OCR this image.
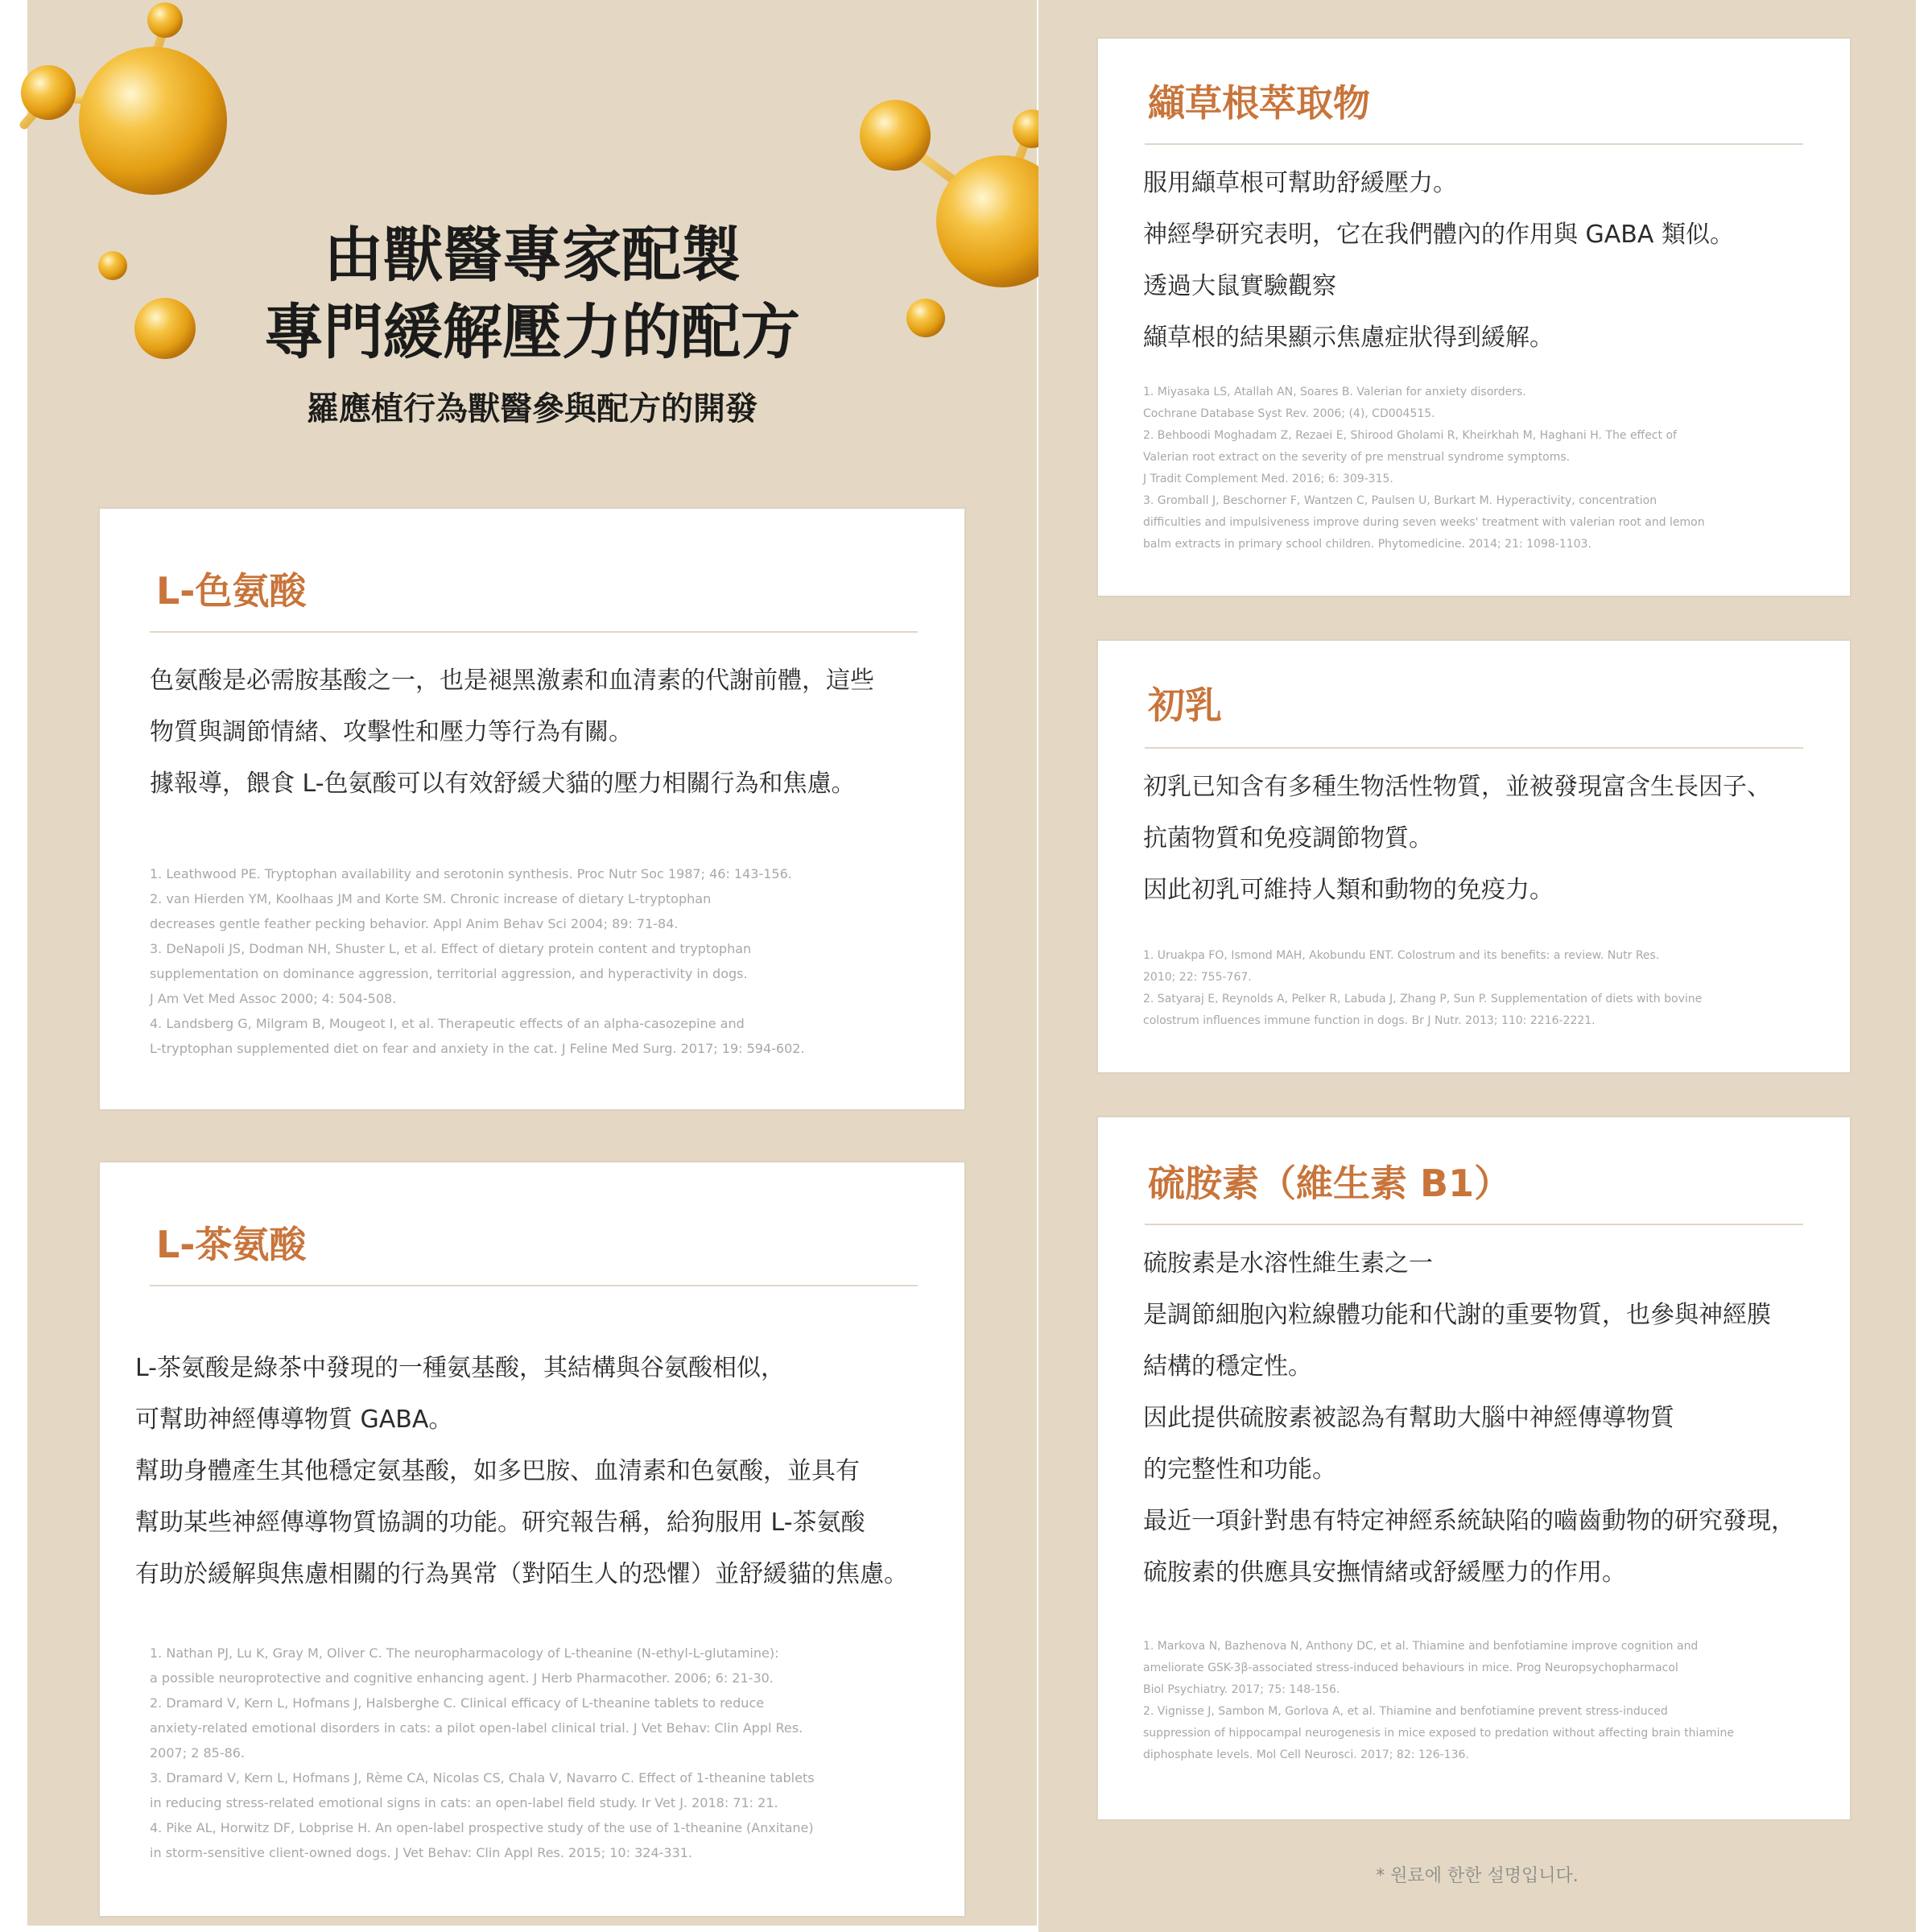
由獸醫專家配製
專門緩解壓力的配方
羅應植行為獸醫參與配方的開發
L-色氨酸
色氨酸是必需胺基酸之一，也是褪黑激素和血清素的代謝前體，這些
物質與調節情緒、攻擊性和壓力等行為有關。
據報導，餵食 L-色氨酸可以有效舒緩犬貓的壓力相關行為和焦慮。
1. Leathwood PE. Tryptophan availability and serotonin synthesis. Proc Nutr Soc 1987; 46: 143-156.
2. van Hierden YM, Koolhaas JM and Korte SM. Chronic increase of dietary L-tryptophan
decreases gentle feather pecking behavior. Appl Anim Behav Sci 2004; 89: 71-84.
3. DeNapoli JS, Dodman NH, Shuster L, et al. Effect of dietary protein content and tryptophan
supplementation on dominance aggression, territorial aggression, and hyperactivity in dogs.
J Am Vet Med Assoc 2000; 4: 504-508.
4. Landsberg G, Milgram B, Mougeot I, et al. Therapeutic effects of an alpha-casozepine and
L-tryptophan supplemented diet on fear and anxiety in the cat. J Feline Med Surg. 2017; 19: 594-602.
L-茶氨酸
L-茶氨酸是綠茶中發現的一種氨基酸，其結構與谷氨酸相似，
可幫助神經傳導物質 GABA。
幫助身體產生其他穩定氨基酸，如多巴胺、血清素和色氨酸，並具有
幫助某些神經傳導物質協調的功能。研究報告稱，給狗服用 L-茶氨酸
有助於緩解與焦慮相關的行為異常（對陌生人的恐懼）並舒緩貓的焦慮。
1. Nathan PJ, Lu K, Gray M, Oliver C. The neuropharmacology of L-theanine (N-ethyl-L-glutamine):
a possible neuroprotective and cognitive enhancing agent. J Herb Pharmacother. 2006; 6: 21-30.
2. Dramard V, Kern L, Hofmans J, Halsberghe C. Clinical efficacy of L-theanine tablets to reduce
anxiety-related emotional disorders in cats: a pilot open-label clinical trial. J Vet Behav: Clin Appl Res.
2007; 2 85-86.
3. Dramard V, Kern L, Hofmans J, Rème CA, Nicolas CS, Chala V, Navarro C. Effect of 1-theanine tablets
in reducing stress-related emotional signs in cats: an open-label field study. Ir Vet J. 2018: 71: 21.
4. Pike AL, Horwitz DF, Lobprise H. An open-label prospective study of the use of 1-theanine (Anxitane)
in storm-sensitive client-owned dogs. J Vet Behav: Clin Appl Res. 2015; 10: 324-331.
纈草根萃取物
服用纈草根可幫助舒緩壓力。
神經學研究表明，它在我們體內的作用與 GABA 類似。
透過大鼠實驗觀察
纈草根的結果顯示焦慮症狀得到緩解。
1. Miyasaka LS, Atallah AN, Soares B. Valerian for anxiety disorders.
Cochrane Database Syst Rev. 2006; (4), CD004515.
2. Behboodi Moghadam Z, Rezaei E, Shirood Gholami R, Kheirkhah M, Haghani H. The effect of
Valerian root extract on the severity of pre menstrual syndrome symptoms.
J Tradit Complement Med. 2016; 6: 309-315.
3. Gromball J, Beschorner F, Wantzen C, Paulsen U, Burkart M. Hyperactivity, concentration
difficulties and impulsiveness improve during seven weeks' treatment with valerian root and lemon
balm extracts in primary school children. Phytomedicine. 2014; 21: 1098-1103.
初乳
初乳已知含有多種生物活性物質，並被發現富含生長因子、
抗菌物質和免疫調節物質。
因此初乳可維持人類和動物的免疫力。
1. Uruakpa FO, Ismond MAH, Akobundu ENT. Colostrum and its benefits: a review. Nutr Res.
2010; 22: 755-767.
2. Satyaraj E, Reynolds A, Pelker R, Labuda J, Zhang P, Sun P. Supplementation of diets with bovine
colostrum influences immune function in dogs. Br J Nutr. 2013; 110: 2216-2221.
硫胺素（維生素 B1）
硫胺素是水溶性維生素之一
是調節細胞內粒線體功能和代謝的重要物質，也參與神經膜
結構的穩定性。
因此提供硫胺素被認為有幫助大腦中神經傳導物質
的完整性和功能。
最近一項針對患有特定神經系統缺陷的嚙齒動物的研究發現，
硫胺素的供應具安撫情緒或舒緩壓力的作用。
1. Markova N, Bazhenova N, Anthony DC, et al. Thiamine and benfotiamine improve cognition and
ameliorate GSK-3β-associated stress-induced behaviours in mice. Prog Neuropsychopharmacol
Biol Psychiatry. 2017; 75: 148-156.
2. Vignisse J, Sambon M, Gorlova A, et al. Thiamine and benfotiamine prevent stress-induced
suppression of hippocampal neurogenesis in mice exposed to predation without affecting brain thiamine
diphosphate levels. Mol Cell Neurosci. 2017; 82: 126-136.
* 원료에 한한 설명입니다.
